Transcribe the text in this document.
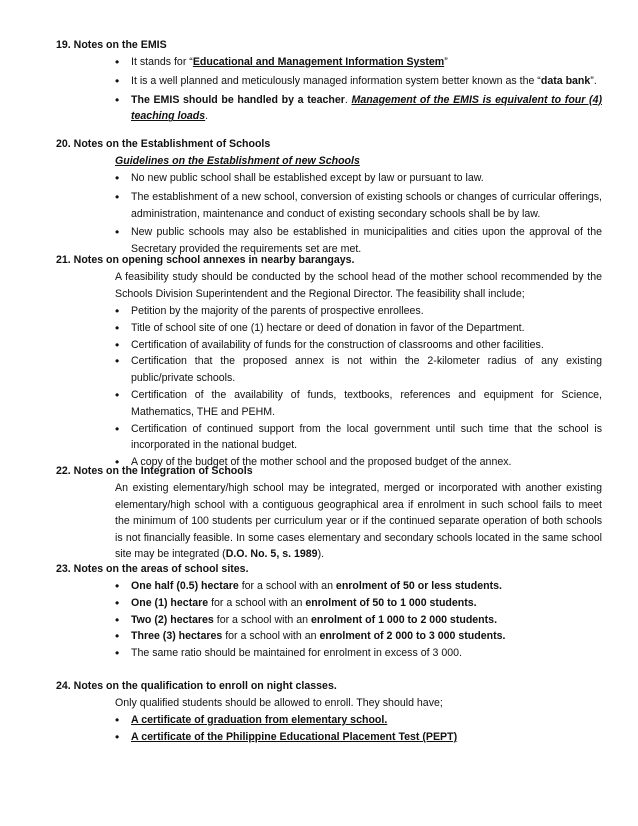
19. Notes on the EMIS
• It stands for “Educational and Management Information System”
• It is a well planned and meticulously managed information system better known as the “data bank”.
• The EMIS should be handled by a teacher. Management of the EMIS is equivalent to four (4) teaching loads.
20. Notes on the Establishment of Schools
Guidelines on the Establishment of new Schools
• No new public school shall be established except by law or pursuant to law.
• The establishment of a new school, conversion of existing schools or changes of curricular offerings, administration, maintenance and conduct of existing secondary schools shall be by law.
• New public schools may also be established in municipalities and cities upon the approval of the Secretary provided the requirements set are met.
21. Notes on opening school annexes in nearby barangays.
A feasibility study should be conducted by the school head of the mother school recommended by the Schools Division Superintendent and the Regional Director. The feasibility shall include;
• Petition by the majority of the parents of prospective enrollees.
• Title of school site of one (1) hectare or deed of donation in favor of the Department.
• Certification of availability of funds for the construction of classrooms and other facilities.
• Certification that the proposed annex is not within the 2-kilometer radius of any existing public/private schools.
• Certification of the availability of funds, textbooks, references and equipment for Science, Mathematics, THE and PEHM.
• Certification of continued support from the local government until such time that the school is incorporated in the national budget.
• A copy of the budget of the mother school and the proposed budget of the annex.
22. Notes on the Integration of Schools
An existing elementary/high school may be integrated, merged or incorporated with another existing elementary/high school with a contiguous geographical area if enrolment in such school fails to meet the minimum of 100 students per curriculum year or if the continued separate operation of both schools is not financially feasible. In some cases elementary and secondary schools located in the same school site may be integrated (D.O. No. 5, s. 1989).
23. Notes on the areas of school sites.
• One half (0.5) hectare for a school with an enrolment of 50 or less students.
• One (1) hectare for a school with an enrolment of 50 to 1 000 students.
• Two (2) hectares for a school with an enrolment of 1 000 to 2 000 students.
• Three (3) hectares for a school with an enrolment of 2 000 to 3 000 students.
• The same ratio should be maintained for enrolment in excess of 3 000.
24. Notes on the qualification to enroll on night classes.
Only qualified students should be allowed to enroll. They should have;
• A certificate of graduation from elementary school.
• A certificate of the Philippine Educational Placement Test (PEPT)
